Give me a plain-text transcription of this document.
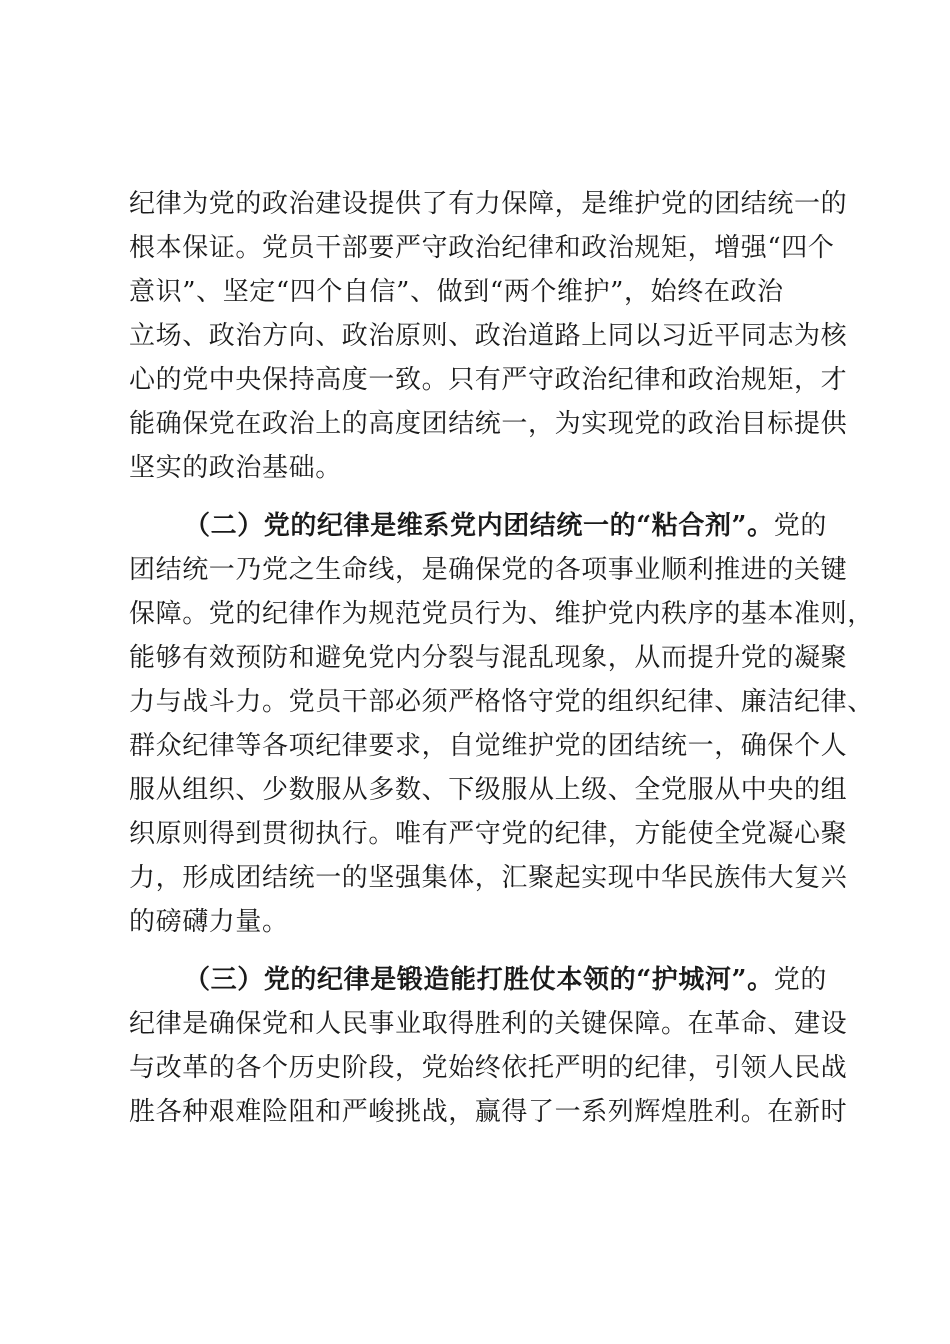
纪律为党的政治建设提供了有力保障，是维护党的团结统一的
根本保证。党员干部要严守政治纪律和政治规矩，增强“四个
意识”、坚定“四个自信”、做到“两个维护”，始终在政治
立场、政治方向、政治原则、政治道路上同以习近平同志为核
心的党中央保持高度一致。只有严守政治纪律和政治规矩，才
能确保党在政治上的高度团结统一，为实现党的政治目标提供
坚实的政治基础。
（二）党的纪律是维系党内团结统一的“粘合剂”。党的
团结统一乃党之生命线，是确保党的各项事业顺利推进的关键
保障。党的纪律作为规范党员行为、维护党内秩序的基本准则，
能够有效预防和避免党内分裂与混乱现象，从而提升党的凝聚
力与战斗力。党员干部必须严格恪守党的组织纪律、廉洁纪律、
群众纪律等各项纪律要求，自觉维护党的团结统一，确保个人
服从组织、少数服从多数、下级服从上级、全党服从中央的组
织原则得到贯彻执行。唯有严守党的纪律，方能使全党凝心聚
力，形成团结统一的坚强集体，汇聚起实现中华民族伟大复兴
的磅礴力量。
（三）党的纪律是锻造能打胜仗本领的“护城河”。党的
纪律是确保党和人民事业取得胜利的关键保障。在革命、建设
与改革的各个历史阶段，党始终依托严明的纪律，引领人民战
胜各种艰难险阻和严峻挑战，赢得了一系列辉煌胜利。在新时
